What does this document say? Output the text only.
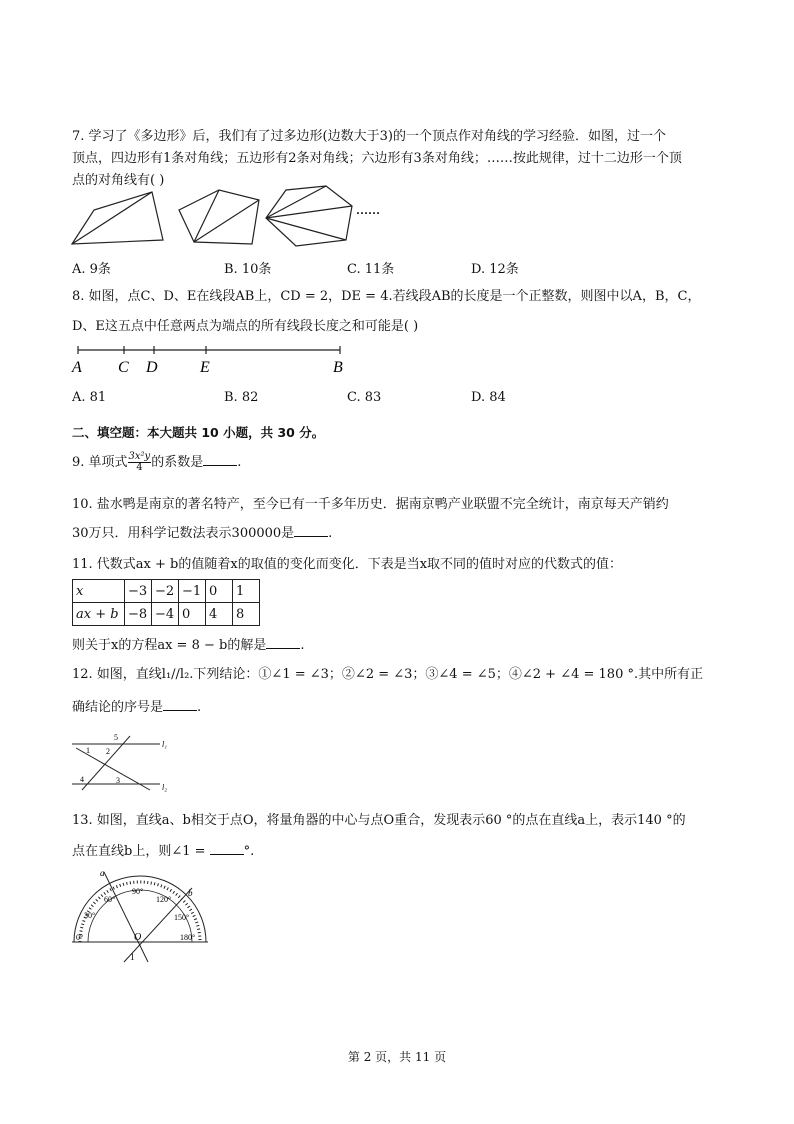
7. 学习了《多边形》后，我们有了过多边形(边数大于3)的一个顶点作对角线的学习经验．如图，过一个
顶点，四边形有1条对角线；五边形有2条对角线；六边形有3条对角线；……按此规律，过十二边形一个顶
点的对角线有( )
……
A. 9条	B. 10条	C. 11条	D. 12条
8. 如图，点C、D、E在线段AB上，CD = 2，DE = 4.若线段AB的长度是一个正整数，则图中以A，B，C，
D、E这五点中任意两点为端点的所有线段长度之和可能是( )
A C D	E	B
A. 81	B. 82	C. 83	D. 84
二、填空题：本大题共 10 小题，共 30 分。
9. 单项式 $\frac{\text{3x²y}}{4}$ 的系数是	.
10. 盐水鸭是南京的著名特产，至今已有一千多年历史．据南京鸭产业联盟不完全统计，南京每天产销约
30万只．用科学记数法表示300000是	.
11. 代数式ax + b的值随着x的取值的变化而变化．下表是当x取不同的值时对应的代数式的值：
x	−3	−2	−1	0	1
ax + b	−8	−4	0	4	8
则关于x的方程ax = 8 − b的解是	.
12. 如图，直线l₁//l₂.下列结论：①∠1 = ∠3；②∠2 = ∠3；③∠4 = ∠5；④∠2 + ∠4 = 180 °.其中所有正
确结论的序号是	.
5
1 2
4	3
l₁
l₂
13. 如图，直线a、b相交于点O，将量角器的中心与点O重合，发现表示60 °的点在直线a上，表示140 °的
点在直线b上，则∠1 =	°.
a
b
O
1
0°
30°
60°
90°
120°
150°
180°
第 2 页，共 11 页
